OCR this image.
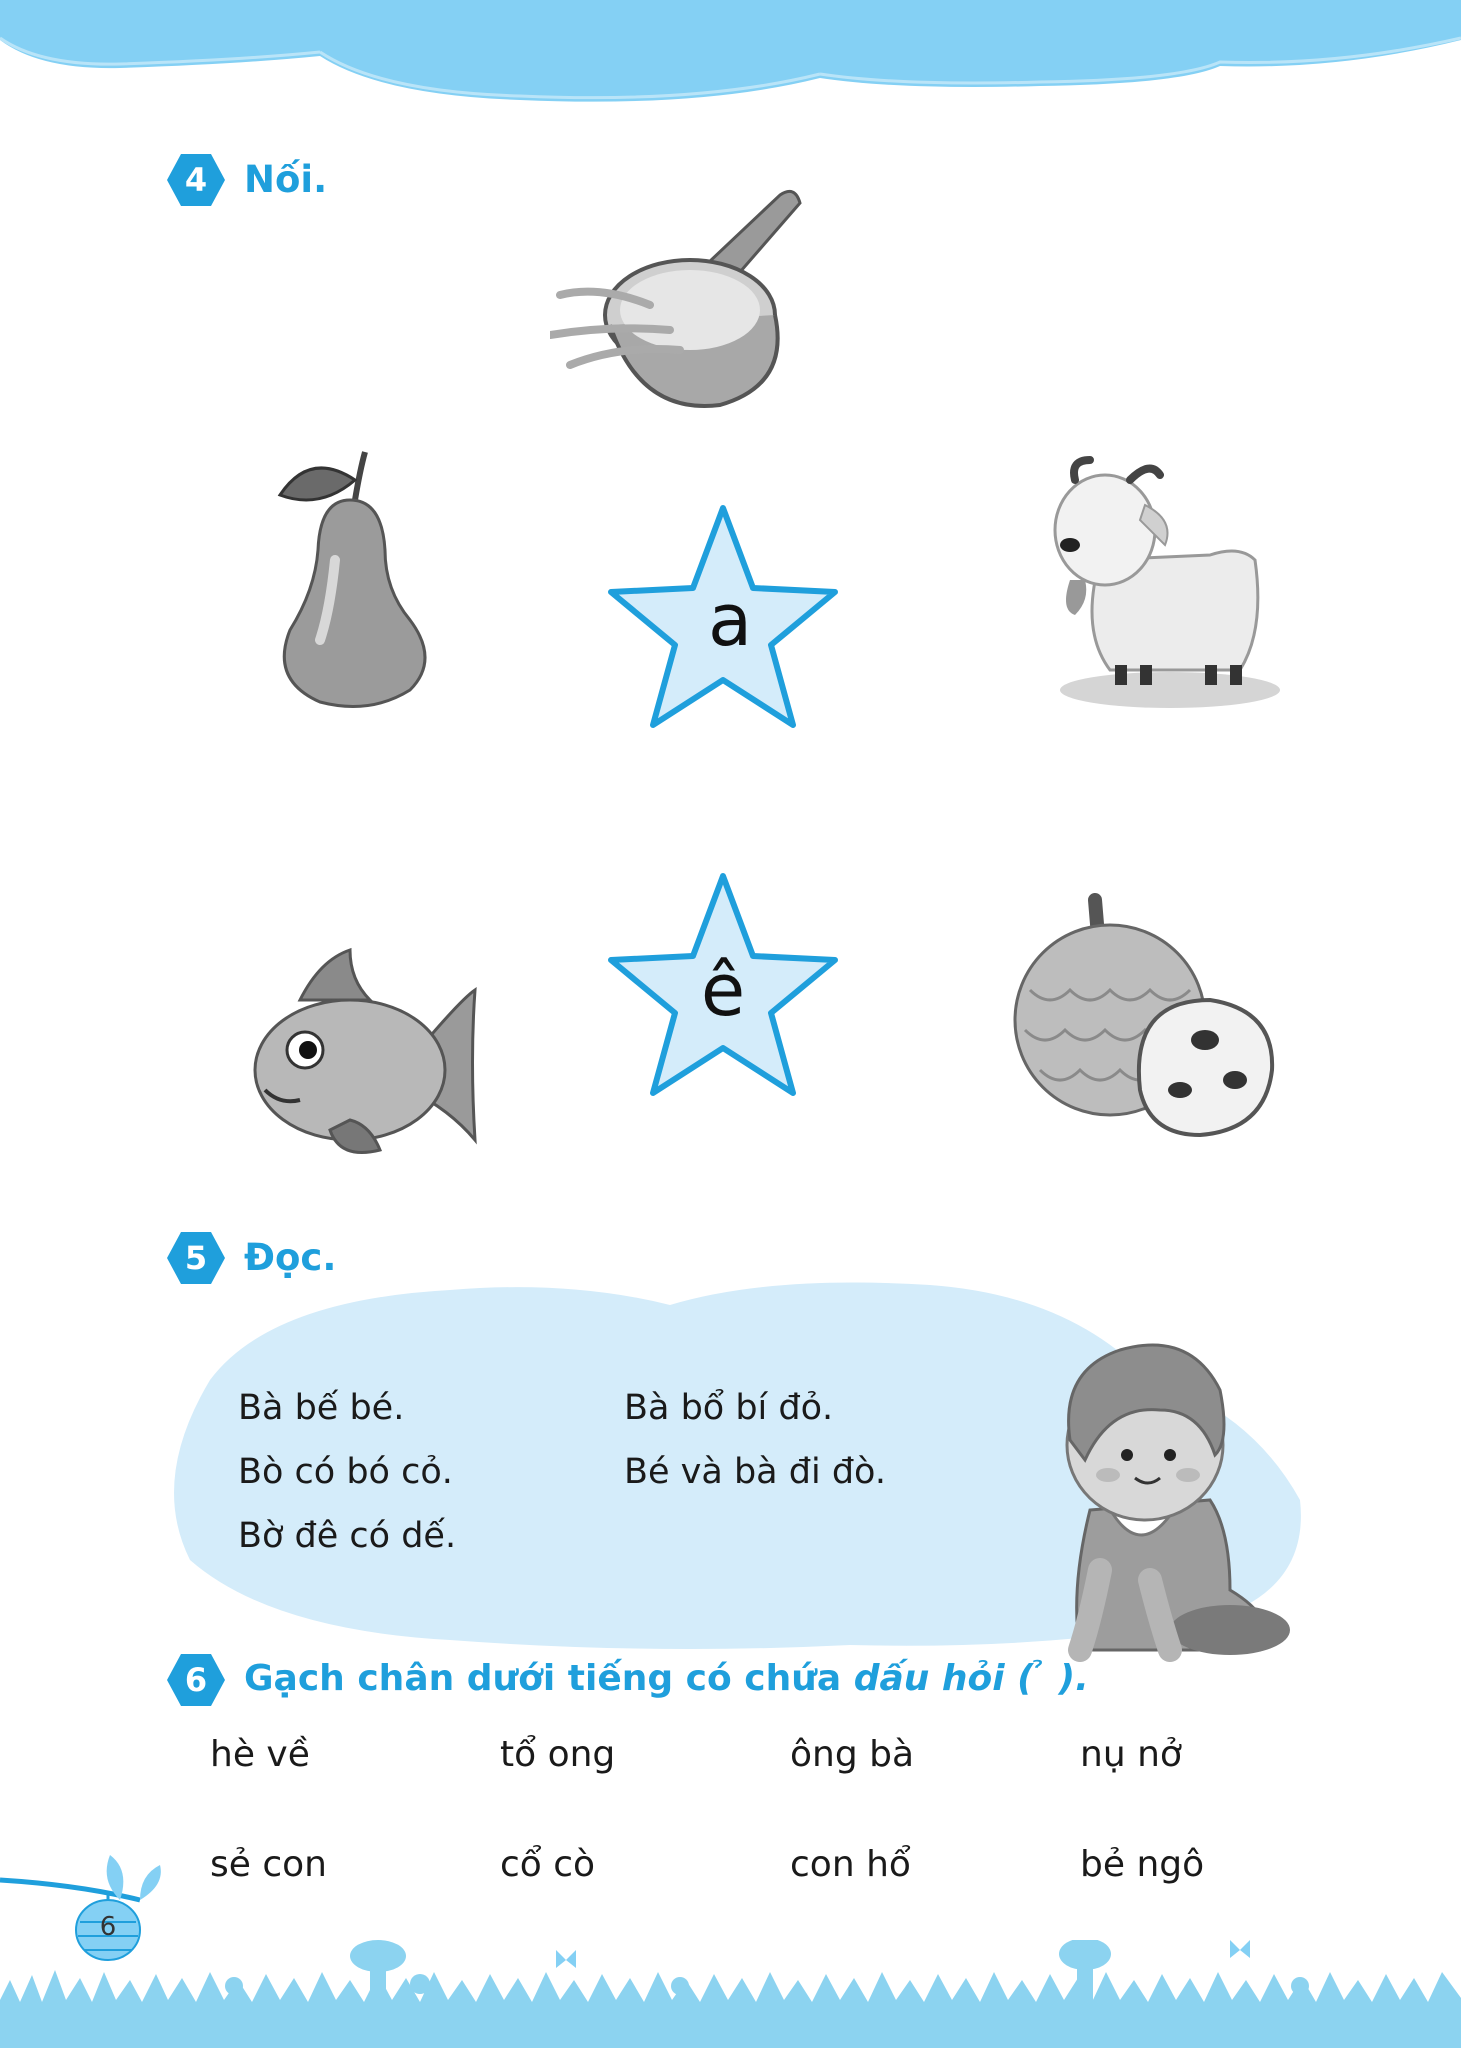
4 Nối.
a
ê
5 Đọc.
Bà bế bé.
Bò có bó cỏ.
Bờ đê có dế.
Bà bổ bí đỏ.
Bé và bà đi đò.
6	Gạch chân dưới tiếng có chứa dấu hỏi ( ̉ ).
hè về	tổ ong	ông bà	nụ nở
sẻ con	cổ cò	con hổ	bẻ ngô
6
